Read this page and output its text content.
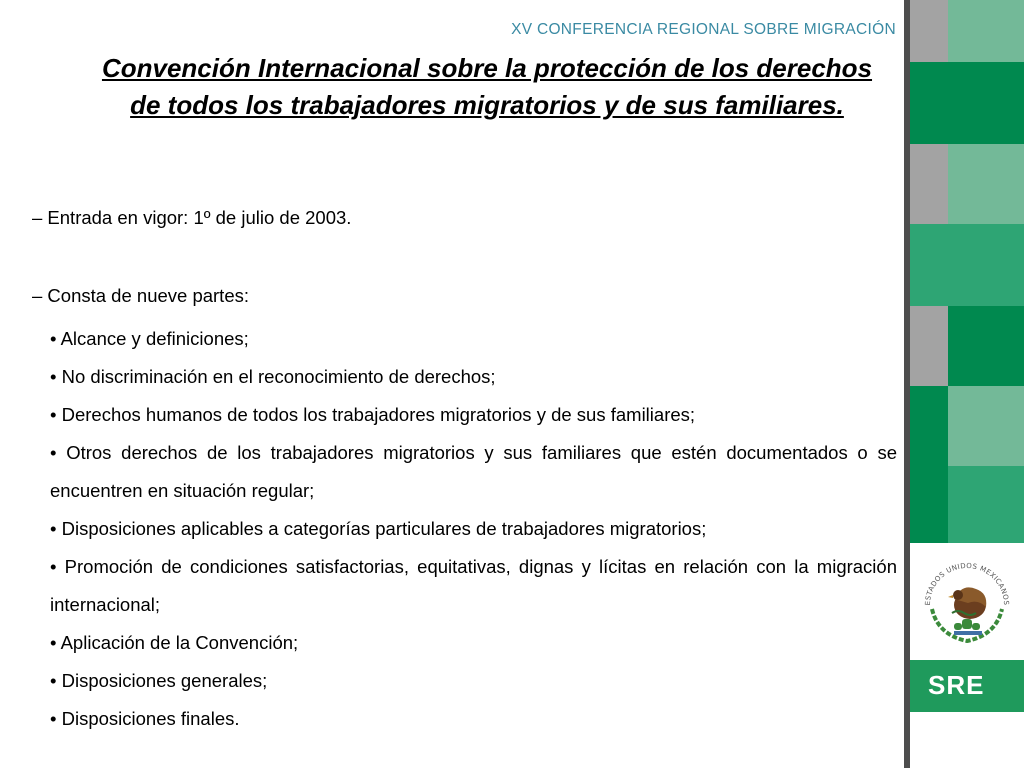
XV CONFERENCIA REGIONAL SOBRE MIGRACIÓN
Convención Internacional sobre la protección de los derechos de todos los trabajadores migratorios y de sus familiares.

– Entrada en vigor: 1º de julio de 2003.

– Consta de nueve partes:

• Alcance y definiciones;
• No discriminación en el reconocimiento de derechos;
• Derechos humanos de todos los trabajadores migratorios y de sus familiares;
• Otros derechos de los trabajadores migratorios y sus familiares que estén documentados o se encuentren en situación regular;
• Disposiciones aplicables a categorías particulares de trabajadores migratorios;
• Promoción de condiciones satisfactorias, equitativas, dignas y lícitas en relación con la migración internacional;
• Aplicación de la Convención;
• Disposiciones generales;
• Disposiciones finales.
ESTADOS UNIDOS MEXICANOS
SRE
